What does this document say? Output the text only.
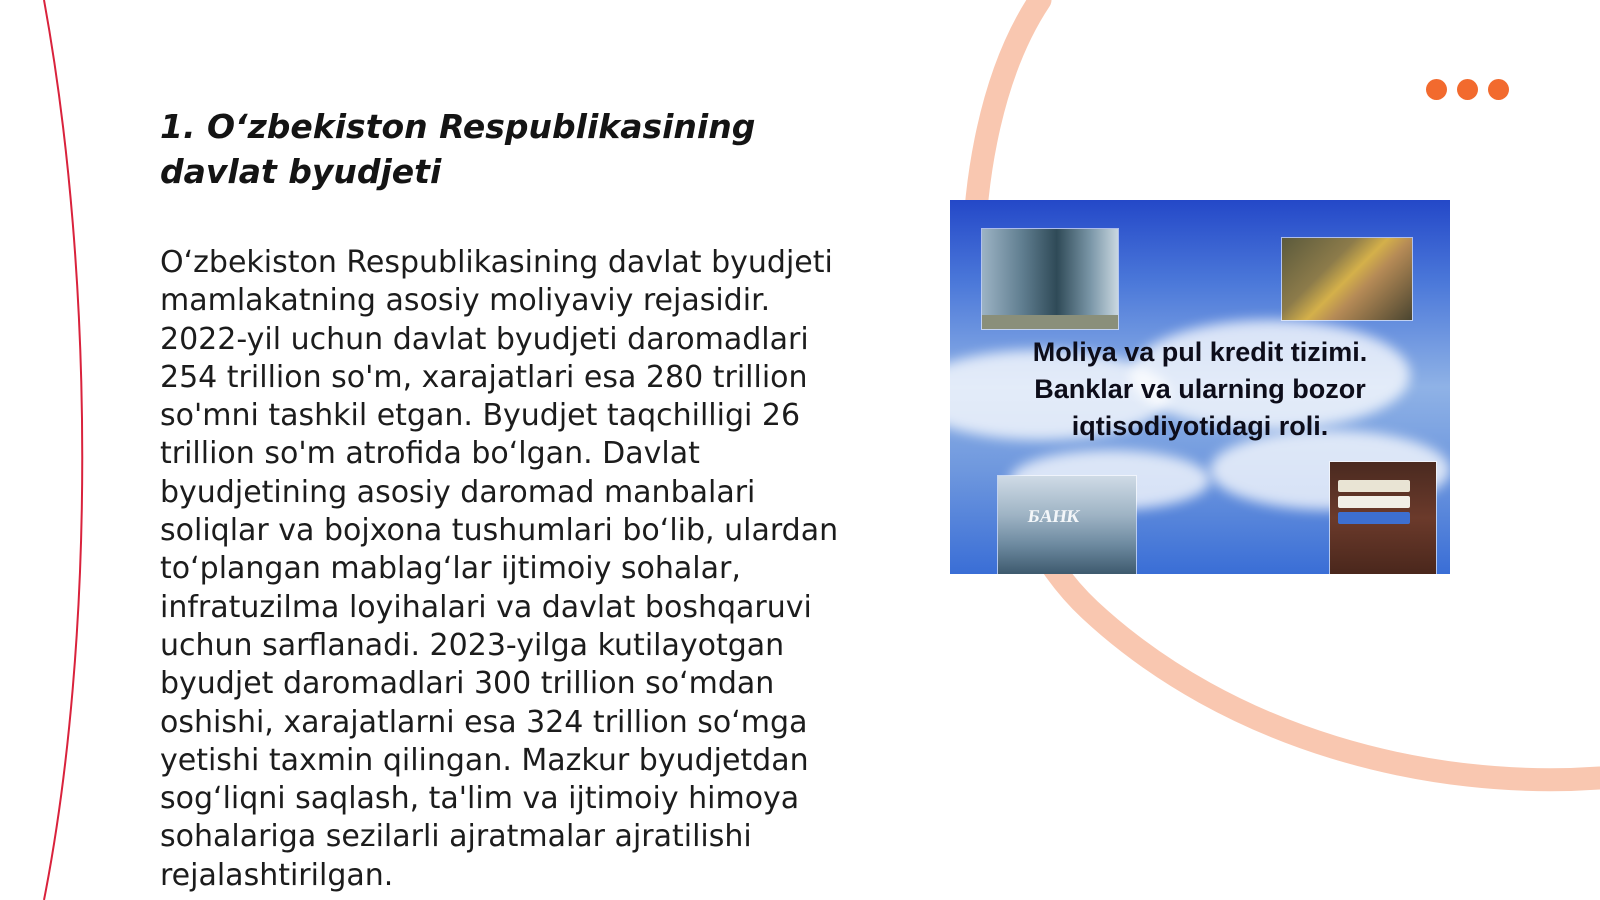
1. Oʻzbekiston Respublikasining
davlat byudjeti
Oʻzbekiston Respublikasining davlat byudjeti
mamlakatning asosiy moliyaviy rejasidir.
2022-yil uchun davlat byudjeti daromadlari
254 trillion so'm, xarajatlari esa 280 trillion
so'mni tashkil etgan. Byudjet taqchilligi 26
trillion so'm atrofida boʻlgan. Davlat
byudjetining asosiy daromad manbalari
soliqlar va bojxona tushumlari boʻlib, ulardan
toʻplangan mablagʻlar ijtimoiy sohalar,
infratuzilma loyihalari va davlat boshqaruvi
uchun sarflanadi. 2023-yilga kutilayotgan
byudjet daromadlari 300 trillion soʻmdan
oshishi, xarajatlarni esa 324 trillion soʻmga
yetishi taxmin qilingan. Mazkur byudjetdan
sogʻliqni saqlash, ta'lim va ijtimoiy himoya
sohalariga sezilarli ajratmalar ajratilishi
rejalashtirilgan.
БАНК

Moliya va pul kredit tizimi.
Banklar va ularning bozor
iqtisodiyotidagi roli.
